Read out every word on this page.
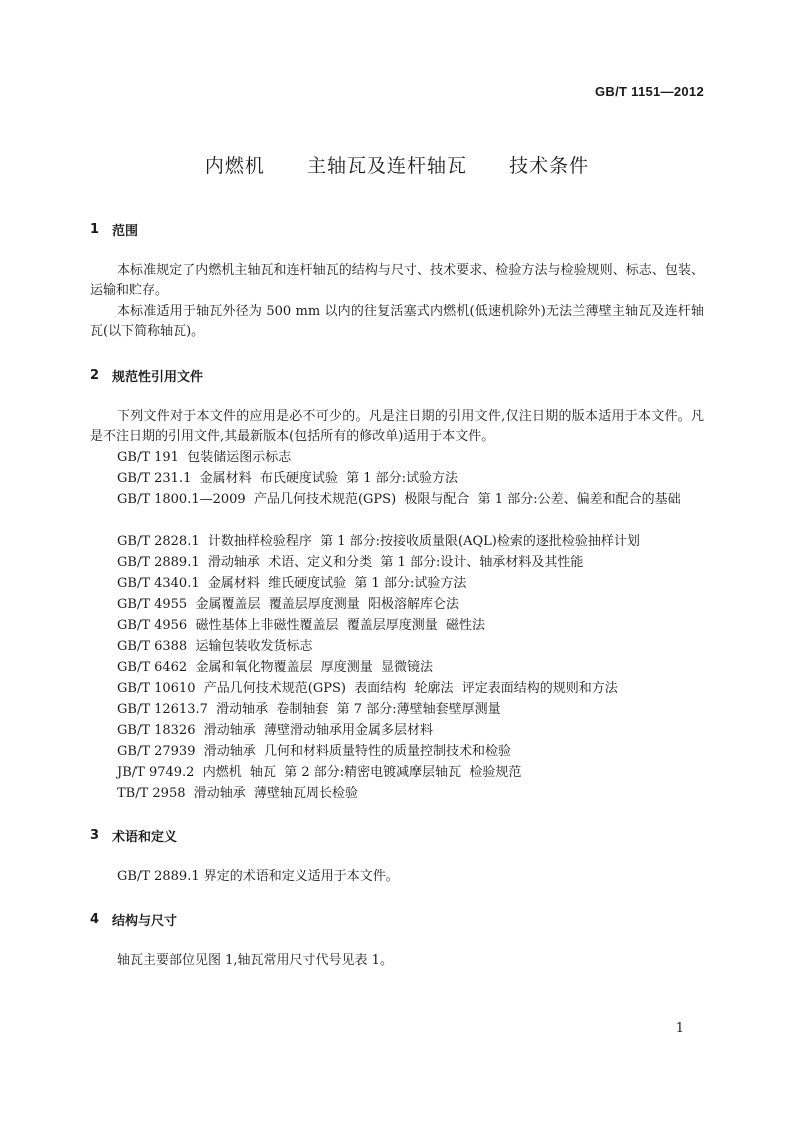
GB/T 1151—2012
内燃机  主轴瓦及连杆轴瓦  技术条件
1 范围
本标准规定了内燃机主轴瓦和连杆轴瓦的结构与尺寸、技术要求、检验方法与检验规则、标志、包装、运输和贮存。
本标准适用于轴瓦外径为 500 mm 以内的往复活塞式内燃机(低速机除外)无法兰薄壁主轴瓦及连杆轴瓦(以下简称轴瓦)。
2 规范性引用文件
下列文件对于本文件的应用是必不可少的。凡是注日期的引用文件,仅注日期的版本适用于本文件。凡是不注日期的引用文件,其最新版本(包括所有的修改单)适用于本文件。
GB/T 191  包装储运图示标志
GB/T 231.1  金属材料  布氏硬度试验  第 1 部分:试验方法
GB/T 1800.1—2009  产品几何技术规范(GPS)  极限与配合  第 1 部分:公差、偏差和配合的基础
GB/T 2828.1  计数抽样检验程序  第 1 部分:按接收质量限(AQL)检索的逐批检验抽样计划
GB/T 2889.1  滑动轴承  术语、定义和分类  第 1 部分:设计、轴承材料及其性能
GB/T 4340.1  金属材料  维氏硬度试验  第 1 部分:试验方法
GB/T 4955  金属覆盖层  覆盖层厚度测量  阳极溶解库仑法
GB/T 4956  磁性基体上非磁性覆盖层  覆盖层厚度测量  磁性法
GB/T 6388  运输包装收发货标志
GB/T 6462  金属和氧化物覆盖层  厚度测量  显微镜法
GB/T 10610  产品几何技术规范(GPS)  表面结构  轮廓法  评定表面结构的规则和方法
GB/T 12613.7  滑动轴承  卷制轴套  第 7 部分:薄壁轴套壁厚测量
GB/T 18326  滑动轴承  薄壁滑动轴承用金属多层材料
GB/T 27939  滑动轴承  几何和材料质量特性的质量控制技术和检验
JB/T 9749.2  内燃机  轴瓦  第 2 部分:精密电镀减摩层轴瓦  检验规范
TB/T 2958  滑动轴承  薄壁轴瓦周长检验
3 术语和定义
GB/T 2889.1 界定的术语和定义适用于本文件。
4 结构与尺寸
轴瓦主要部位见图 1,轴瓦常用尺寸代号见表 1。
1
